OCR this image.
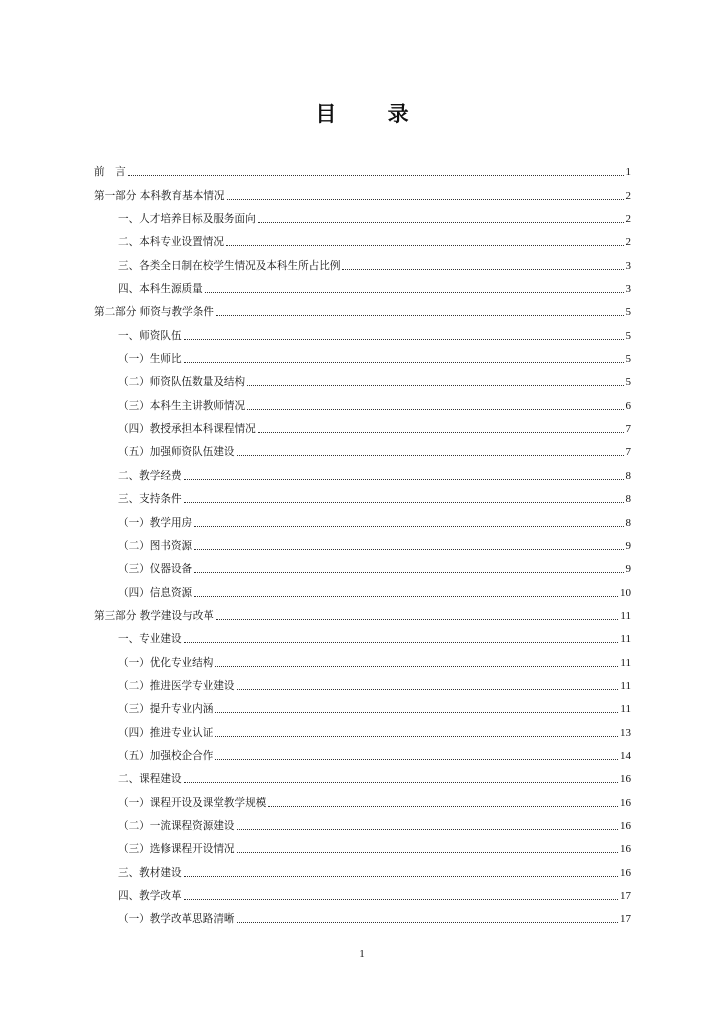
目 录
前　言	1
第一部分 本科教育基本情况	2
一、人才培养目标及服务面向	2
二、本科专业设置情况	2
三、各类全日制在校学生情况及本科生所占比例	3
四、本科生源质量	3
第二部分 师资与教学条件	5
一、师资队伍	5
（一）生师比	5
（二）师资队伍数量及结构	5
（三）本科生主讲教师情况	6
（四）教授承担本科课程情况	7
（五）加强师资队伍建设	7
二、教学经费	8
三、支持条件	8
（一）教学用房	8
（二）图书资源	9
（三）仪器设备	9
（四）信息资源	10
第三部分 教学建设与改革	11
一、专业建设	11
（一）优化专业结构	11
（二）推进医学专业建设	11
（三）提升专业内涵	11
（四）推进专业认证	13
（五）加强校企合作	14
二、课程建设	16
（一）课程开设及课堂教学规模	16
（二）一流课程资源建设	16
（三）选修课程开设情况	16
三、教材建设	16
四、教学改革	17
（一）教学改革思路清晰	17
1
